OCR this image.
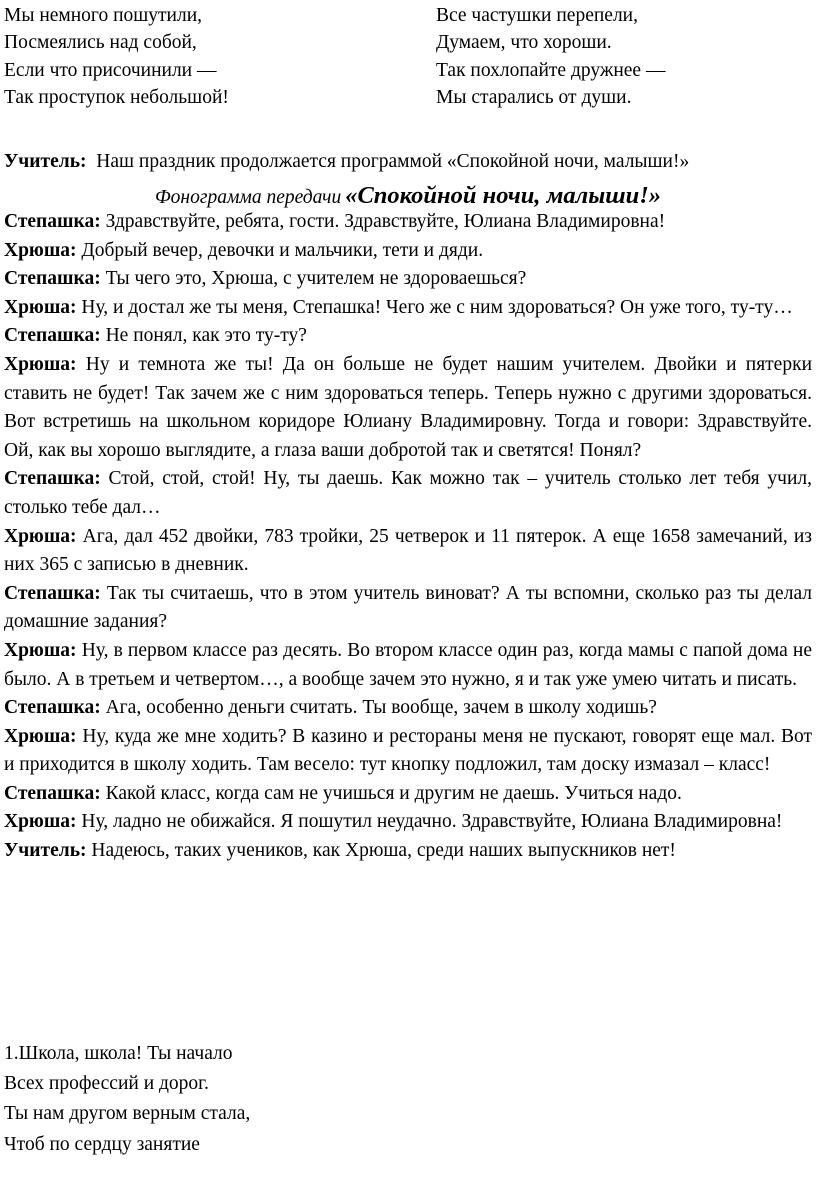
Мы немного пошутили,
Посмеялись над собой,
Если что присочинили —
Так проступок небольшой!
Все частушки перепели,
Думаем, что хороши.
Так похлопайте дружнее —
Мы старались от души.
Учитель: Наш праздник продолжается программой «Спокойной ночи, малыши!»
Фонограмма передачи «Спокойной ночи, малыши!»

Степашка: Здравствуйте, ребята, гости. Здравствуйте, Юлиана Владимировна!

Хрюша: Добрый вечер, девочки и мальчики, тети и дяди.

Степашка: Ты чего это, Хрюша, с учителем не здороваешься?

Хрюша: Ну, и достал же ты меня, Степашка! Чего же с ним здороваться? Он уже того, ту-ту…

Степашка: Не понял, как это ту-ту?

Хрюша: Ну и темнота же ты! Да он больше не будет нашим учителем. Двойки и пятерки ставить не будет! Так зачем же с ним здороваться теперь. Теперь нужно с другими здороваться. Вот встретишь на школьном коридоре Юлиану Владимировну. Тогда и говори: Здравствуйте. Ой, как вы хорошо выглядите, а глаза ваши добротой так и светятся! Понял?

Степашка: Стой, стой, стой! Ну, ты даешь. Как можно так – учитель столько лет тебя учил, столько тебе дал…

Хрюша: Ага, дал 452 двойки, 783 тройки, 25 четверок и 11 пятерок. А еще 1658 замечаний, из них 365 с записью в дневник.

Степашка: Так ты считаешь, что в этом учитель виноват? А ты вспомни, сколько раз ты делал домашние задания?

Хрюша: Ну, в первом классе раз десять. Во втором классе один раз, когда мамы с папой дома не было. А в третьем и четвертом…, а вообще зачем это нужно, я и так уже умею читать и писать.

Степашка: Ага, особенно деньги считать. Ты вообще, зачем в школу ходишь?

Хрюша: Ну, куда же мне ходить? В казино и рестораны меня не пускают, говорят еще мал. Вот и приходится в школу ходить. Там весело: тут кнопку подложил, там доску измазал – класс!

Степашка: Какой класс, когда сам не учишься и другим не даешь. Учиться надо.

Хрюша: Ну, ладно не обижайся. Я пошутил неудачно. Здравствуйте, Юлиана Владимировна!

Учитель: Надеюсь, таких учеников, как Хрюша, среди наших выпускников нет!

1.Школа, школа! Ты начало
Всех профессий и дорог.
Ты нам другом верным стала,
Чтоб по сердцу занятие
